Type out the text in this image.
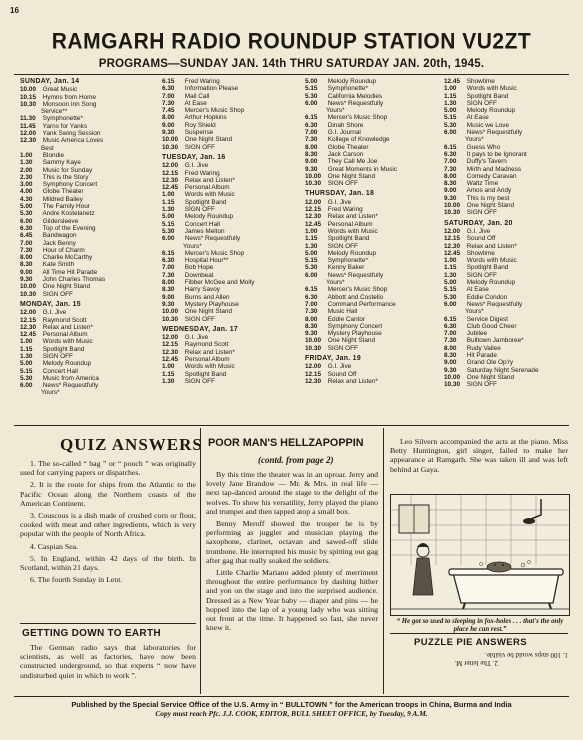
16
RAMGARH RADIO ROUNDUP STATION VU2ZT
PROGRAMS—SUNDAY JAN. 14th THRU SATURDAY JAN. 20th, 1945.
SUNDAY, Jan. 14
10.00 Great Music
10.15 Hymns from Home
10.30 Monsoon Inn Song
Service**
11.30 Symphonette*
11.45 Yarns for Yanks
12.00 Yank Swing Session
12.30 Music America Loves
Best
1.00 Blondie
1.30 Sammy Kaye
2.00 Music for Sunday
2.30 This is the Story
3.00 Symphony Concert
4.00 Globe Theater
4.30 Mildred Bailey
5.00 The Family Hour
5.30 Andre Kostelanetz
6.00 Gildersleeve
6.30 Top of the Evening
6.45 Bandwagon
7.00 Jack Benny
7.30 Hour of Charm
8.00 Charlie McCarthy
8.30 Kate Smith
9.00 All Time Hit Parade
9.30 John Charles Thomas
10.00 One Night Stand
10.30 SIGN OFF
MONDAY, Jan. 15
12.00 G.I. Jive
12.15 Raymond Scott
12.30 Relax and Listen*
12.45 Personal Album
1.00 Words with Music
1.15 Spotlight Band
1.30 SIGN OFF
5.00 Melody Roundup
5.15 Concert Hall
5.30 Music from America
6.00 News* Requestfully
Yours*
6.15 Fred Waring
6.30 Information Please
7.00 Mail Call
7.30 At Ease
7.45 Mercer's Music Shop
8.00 Arthur Hopkins
9.00 Roy Shield
9.30 Suspense
10.00 One Night Stand
10.30 SIGN OFF
TUESDAY, Jan. 16
12.00 G.I. Jive
12.15 Fred Waring
12.30 Relax and Listen*
12.45 Personal Album
1.00 Words with Music
1.15 Spotlight Band
1.30 SIGN OFF
5.00 Melody Roundup
5.15 Concert Hall
5.30 James Melton
6.00 News* Requestfully
Yours*
6.15 Mercer's Music Shop
6.30 Hospital Hour**
7.00 Bob Hope
7.30 Downbeat
8.00 Fibber McGee and Molly
8.30 Harry Savoy
9.00 Burns and Allen
9.30 Mystery Playhouse
10.00 One Night Stand
10.30 SIGN OFF
WEDNESDAY, Jan. 17
12.00 G.I. Jive
12.15 Raymond Scott
12.30 Relax and Listen*
12.45 Personal Album
1.00 Words with Music
1.15 Spotlight Band
1.30 SIGN OFF
5.00 Melody Roundup
5.15 Symphonette*
5.30 California Melodies
6.00 News* Requestfully
Yours*
6.15 Mercer's Music Shop
6.30 Dinah Shore
7.00 G.I. Journal
7.30 Kollege of Knowledge
8.00 Globe Theater
8.30 Jack Carson
9.00 They Call Me Joe
9.30 Great Moments in Music
10.00 One Night Stand
10.30 SIGN OFF
THURSDAY, Jan. 18
12.00 G.I. Jive
12.15 Fred Waring
12.30 Relax and Listen*
12.45 Personal Album
1.00 Words with Music
1.15 Spotlight Band
1.30 SIGN OFF
5.00 Melody Roundup
5.15 Symphonette*
5.30 Kenny Baker
6.00 News* Requestfully
Yours*
6.15 Mercer's Music Shop
6.30 Abbott and Costello
7.00 Command Performance
7.30 Music Hall
8.00 Eddie Cantor
8.30 Symphony Concert
9.30 Mystery Playhouse
10.00 One Night Stand
10.30 SIGN OFF
FRIDAY, Jan. 19
12.00 G.I. Jive
12.15 Sound Off
12.30 Relax and Listen*
12.45 Showtime
1.00 Words with Music
1.15 Spotlight Band
1.30 SIGN OFF
5.00 Melody Roundup
5.15 At Ease
5.30 Music we Love
6.00 News* Requestfully
Yours*
6.15 Guess Who
6.30 It pays to be Ignorant
7.00 Duffy's Tavern
7.30 Mirth and Madness
8.00 Comedy Caravan
8.30 Waltz Time
9.00 Amos and Andy
9.30 This is my best
10.00 One Night Stand
10.30 SIGN OFF
SATURDAY, Jan. 20
12.00 G.I. Jive
12.15 Sound Off
12.30 Relax and Listen*
12.45 Showtime
1.00 Words with Music
1.15 Spotlight Band
1.30 SIGN OFF
5.00 Melody Roundup
5.15 At Ease
5.30 Eddie Condon
6.00 News* Requestfully
Yours*
6.15 Service Digest
6.30 Club Good Cheer
7.00 Jubilee
7.30 Bulltown Jamboree*
8.00 Rudy Vallee
8.30 Hit Parade
9.00 Grand Ole Op'ry
9.30 Saturday Night Serenade
10.00 One Night Stand
10.30 SIGN OFF
QUIZ ANSWERS

1. The so-called “ bag ” or “ pouch ” was originally used for carrying papers or dispatches.

2. It is the route for ships from the Atlantic to the Pacific Ocean along the Northern coasts of the American Continent.

3. Couscous is a dish made of crushed corn or flour, cooked with meat and other ingredients, which is very popular with the people of North Africa.

4. Caspian Sea.

5. In England, within 42 days of the birth. In Scotland, within 21 days.

6. The fourth Sunday in Lent.

GETTING DOWN TO EARTH

The German radio says that laboratories for scientists, as well as factories, have now been constructed underground, so that experts “ now have undisturbed quiet in which to work ”.

POOR MAN'S HELLZAPOPPIN
(contd. from page 2)

By this time the theater was in an uproar. Jerry and lovely Jane Brandow — Mr. & Mrs. in real life — next tap-danced around the stage to the delight of the wolves. To show his versatility, Jerry played the piano and trumpet and then tapped atop a small box.

Benny Meroff showed the trouper he is by performing as juggler and musician playing the saxophone, clarinet, octavan and sawed-off slide trombone. He interrupted his music by spitting out gag after gag that really soaked the soldiers.

Little Charlie Mariano added plenty of merriment throughout the entire performance by dashing hither and yon on the stage and into the surprised audience. Dressed as a New Year baby — diaper and pins — he hopped into the lap of a young lady who was sitting out front at the time. It happened so fast, she never knew it.

Leo Silvern accompanied the acts at the piano. Miss Betty Huntington, girl singer, failed to make her appearance at Ramgarh. She was taken ill and was left behind at Gaya.

“ He got so used to sleeping in fox-holes . . . that's the only place he can rest.”
PUZZLE PIE ANSWERS
2. The letter M.
1. 100 steps would be visible.
Published by the Special Service Office of the U.S. Army in “ BULLTOWN ” for the American troops in China, Burma and India
Copy must reach Pfc. J.J. COOK, EDITOR, BULL SHEET OFFICE, by Tuesday, 9 A.M.
